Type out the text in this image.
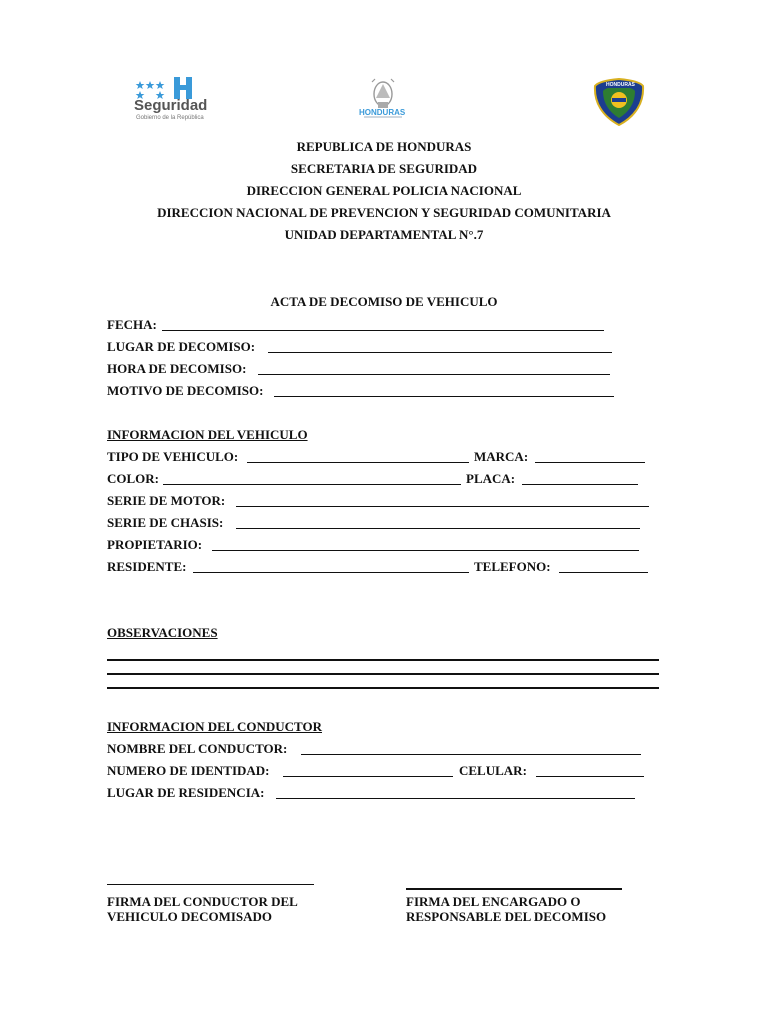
Seguridad
Gobierno de la República
HONDURAS
HONDURAS
REPUBLICA DE HONDURAS
SECRETARIA DE SEGURIDAD
DIRECCION GENERAL POLICIA NACIONAL
DIRECCION NACIONAL DE PREVENCION Y SEGURIDAD COMUNITARIA
UNIDAD DEPARTAMENTAL N°.7
ACTA DE DECOMISO DE VEHICULO
FECHA:
LUGAR DE DECOMISO:
HORA DE DECOMISO:
MOTIVO DE DECOMISO:
INFORMACION DEL VEHICULO
TIPO DE VEHICULO:	MARCA:
COLOR:	PLACA:
SERIE DE MOTOR:
SERIE DE CHASIS:
PROPIETARIO:
RESIDENTE:	TELEFONO:
OBSERVACIONES
INFORMACION DEL CONDUCTOR
NOMBRE DEL CONDUCTOR:
NUMERO DE IDENTIDAD:	CELULAR:
LUGAR DE RESIDENCIA:
FIRMA DEL CONDUCTOR DEL
VEHICULO DECOMISADO
FIRMA DEL ENCARGADO O
RESPONSABLE DEL DECOMISO
